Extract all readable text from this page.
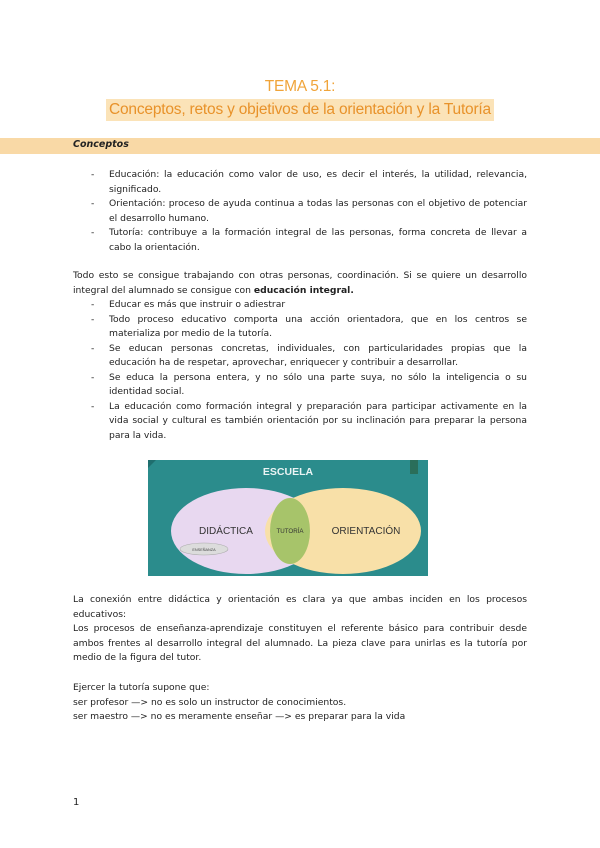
TEMA 5.1:
Conceptos, retos y objetivos de la orientación y la Tutoría
Conceptos
- Educación: la educación como valor de uso, es decir el interés, la utilidad, relevancia, significado.
- Orientación: proceso de ayuda continua a todas las personas con el objetivo de potenciar el desarrollo humano.
- Tutoría: contribuye a la formación integral de las personas, forma concreta de llevar a cabo la orientación.

Todo esto se consigue trabajando con otras personas, coordinación. Si se quiere un desarrollo integral del alumnado se consigue con educación integral.

- Educar es más que instruir o adiestrar
- Todo proceso educativo comporta una acción orientadora, que en los centros se materializa por medio de la tutoría.
- Se educan personas concretas, individuales, con particularidades propias que la educación ha de respetar, aprovechar, enriquecer y contribuir a desarrollar.
- Se educa la persona entera, y no sólo una parte suya, no sólo la inteligencia o su identidad social.
- La educación como formación integral y preparación para participar activamente en la vida social y cultural es también orientación por su inclinación para preparar la persona para la vida.
ESCUELA
DIDÁCTICA	TUTORÍA	ORIENTACIÓN
ENSEÑANZA

La conexión entre didáctica y orientación es clara ya que ambas inciden en los procesos educativos:

Los procesos de enseñanza-aprendizaje constituyen el referente básico para contribuir desde ambos frentes al desarrollo integral del alumnado. La pieza clave para unirlas es la tutoría por medio de la figura del tutor.

Ejercer la tutoría supone que:

ser profesor —> no es solo un instructor de conocimientos.

ser maestro —> no es meramente enseñar —> es preparar para la vida

1
